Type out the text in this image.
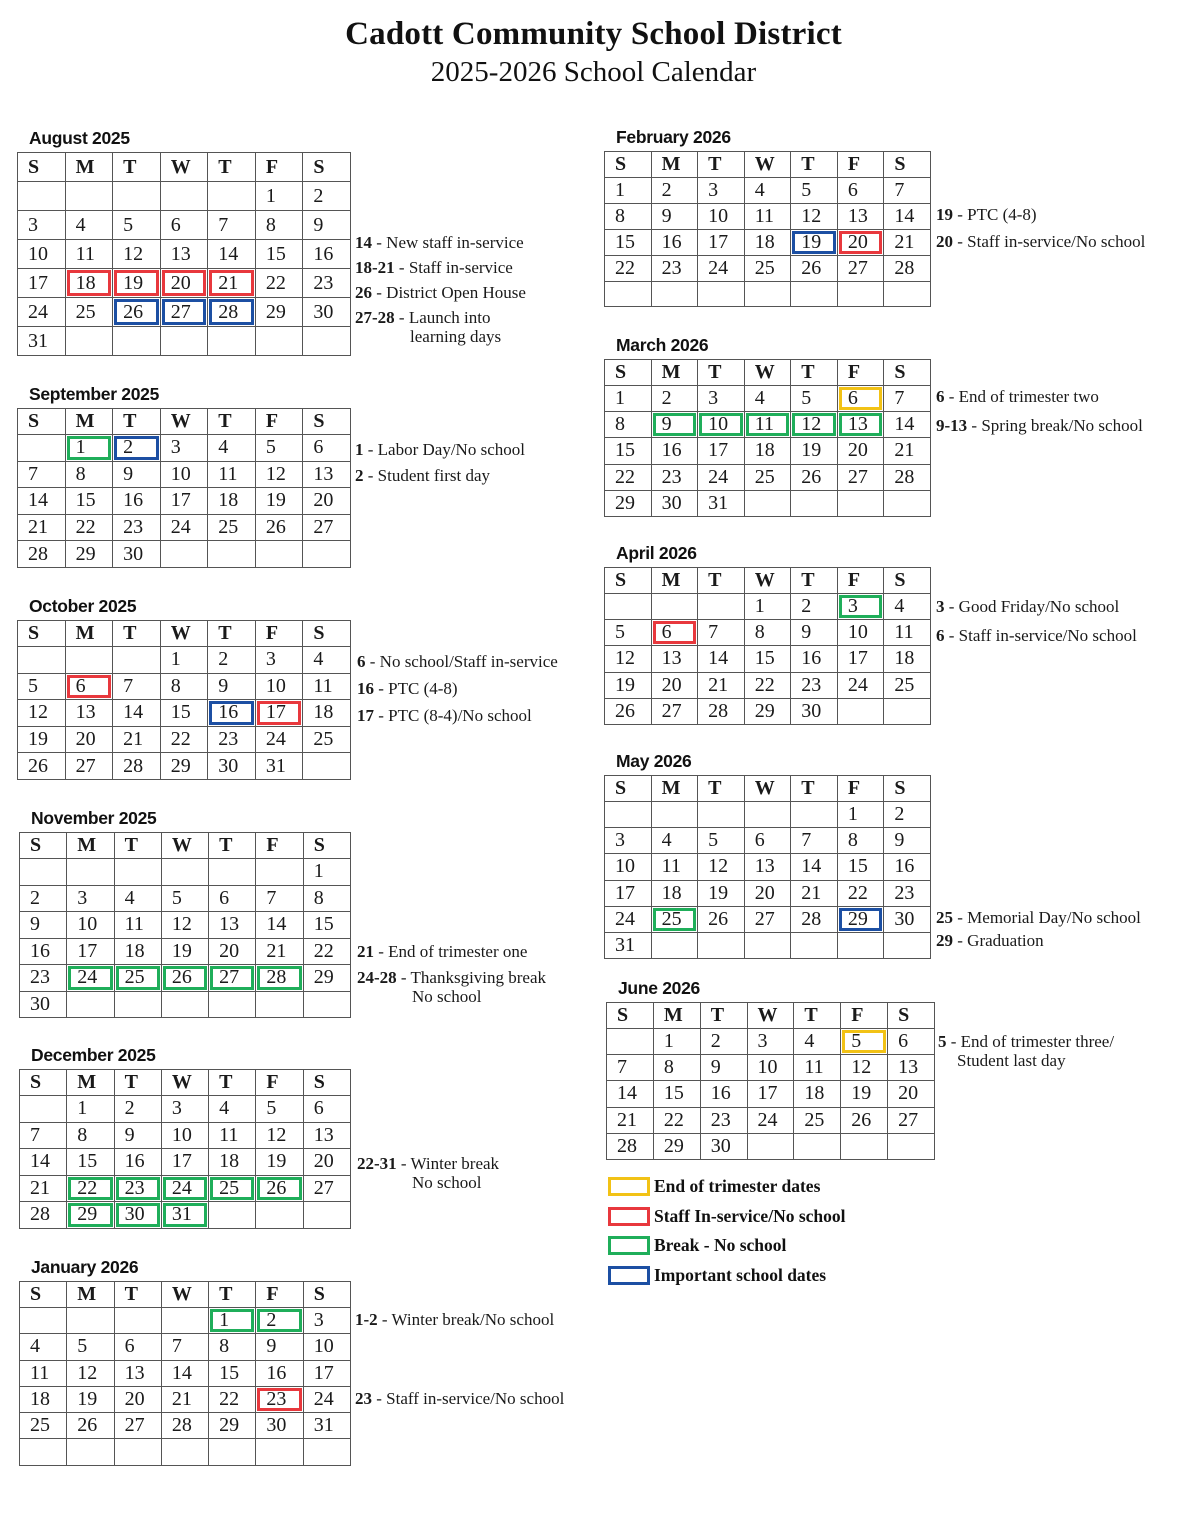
Cadott Community School District
2025-2026 School Calendar
August 2025
S	M	T	W	T	F	S
					1	2
3	4	5	6	7	8	9
10	11	12	13	14	15	16
17	18	19	20	21	22	23
24	25	26	27	28	29	30
31						
September 2025
S	M	T	W	T	F	S
	1	2	3	4	5	6
7	8	9	10	11	12	13
14	15	16	17	18	19	20
21	22	23	24	25	26	27
28	29	30				
October 2025
S	M	T	W	T	F	S
			1	2	3	4
5	6	7	8	9	10	11
12	13	14	15	16	17	18
19	20	21	22	23	24	25
26	27	28	29	30	31	
November 2025
S	M	T	W	T	F	S
						1
2	3	4	5	6	7	8
9	10	11	12	13	14	15
16	17	18	19	20	21	22
23	24	25	26	27	28	29
30						
December 2025
S	M	T	W	T	F	S
	1	2	3	4	5	6
7	8	9	10	11	12	13
14	15	16	17	18	19	20
21	22	23	24	25	26	27
28	29	30	31

January 2026
S	M	T	W	T	F	S
				1	2	3
4	5	6	7	8	9	10
11	12	13	14	15	16	17
18	19	20	21	22	23	24
25	26	27	28	29	30	31

February 2026
S	M	T	W	T	F	S
1	2	3	4	5	6	7
8	9	10	11	12	13	14
15	16	17	18	19	20	21
22	23	24	25	26	27	28

March 2026
S	M	T	W	T	F	S
1	2	3	4	5	6	7
8	9	10	11	12	13	14
15	16	17	18	19	20	21
22	23	24	25	26	27	28
29	30	31				
April 2026
S	M	T	W	T	F	S
			1	2	3	4
5	6	7	8	9	10	11
12	13	14	15	16	17	18
19	20	21	22	23	24	25
26	27	28	29	30		
May 2026
S	M	T	W	T	F	S
					1	2
3	4	5	6	7	8	9
10	11	12	13	14	15	16
17	18	19	20	21	22	23
24	25	26	27	28	29	30
31						
June 2026
S	M	T	W	T	F	S
	1	2	3	4	5	6
7	8	9	10	11	12	13
14	15	16	17	18	19	20
21	22	23	24	25	26	27
28	29	30				
14 - New staff in-service
18-21 - Staff in-service
26 - District Open House
27-28 - Launch into
learning days
1 - Labor Day/No school
2 - Student first day
6 - No school/Staff in-service
16 - PTC (4-8)
17 - PTC (8-4)/No school
21 - End of trimester one
24-28 - Thanksgiving break
No school
22-31 - Winter break
No school
1-2 - Winter break/No school
23 - Staff in-service/No school
19 - PTC (4-8)
20 - Staff in-service/No school
6 - End of trimester two
9-13 - Spring break/No school
3 - Good Friday/No school
6 - Staff in-service/No school
25 - Memorial Day/No school
29 - Graduation
5 - End of trimester three/
Student last day
End of trimester dates
Staff In-service/No school
Break - No school
Important school dates
